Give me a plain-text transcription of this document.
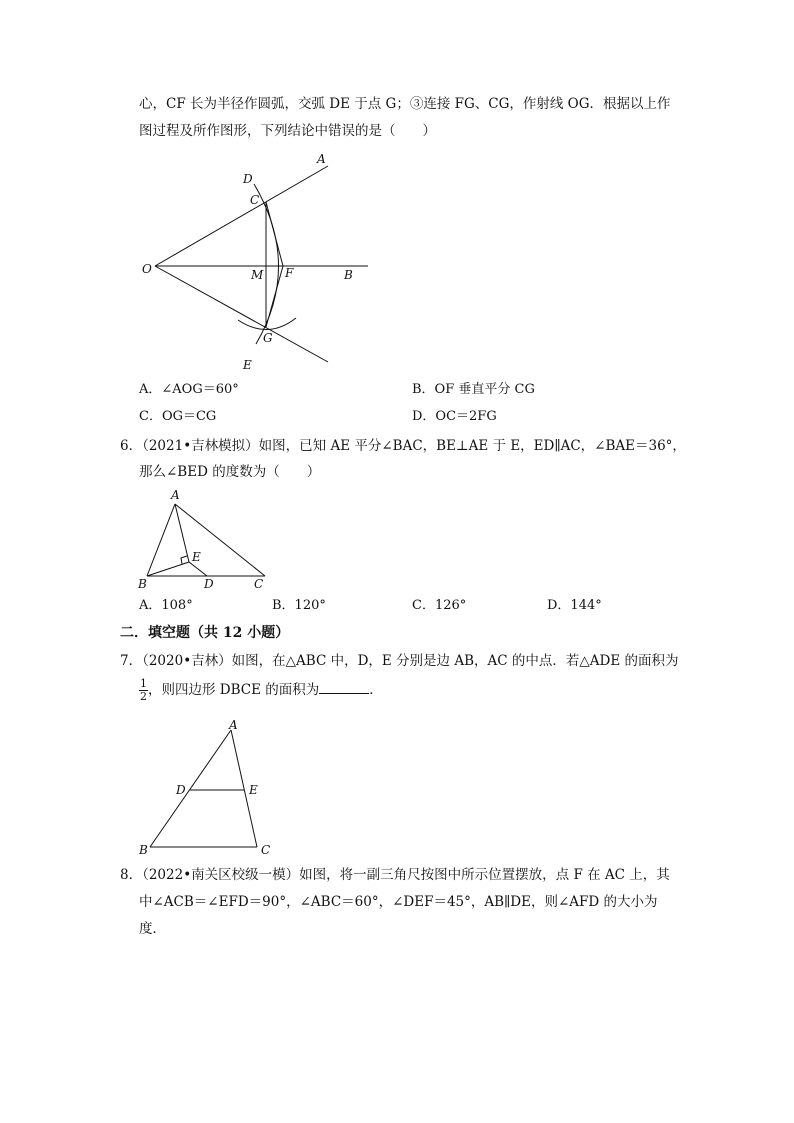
心，CF 长为半径作圆弧，交弧 DE 于点 G；③连接 FG、CG，作射线 OG．根据以上作
图过程及所作图形，下列结论中错误的是（　　）
A
D
C
O	M F	B
G
E
A．∠AOG＝60°	B．OF 垂直平分 CG
C．OG＝CG	D．OC＝2FG
6．（2021•吉林模拟）如图，已知 AE 平分∠BAC，BE⊥AE 于 E，ED∥AC，∠BAE＝36°，
那么∠BED 的度数为（　　）
A
E
B	D	C
A．108°	B．120°	C．126°	D．144°
二．填空题（共 12 小题）
7．（2020•吉林）如图，在△ABC 中，D，E 分别是边 AB，AC 的中点．若△ADE 的面积为
$\frac{1}{2}$ ，则四边形 DBCE 的面积为	．
A
D	E
B	C
8．（2022•南关区校级一模）如图，将一副三角尺按图中所示位置摆放，点 F 在 AC 上，其
中∠ACB＝∠EFD＝90°，∠ABC＝60°，∠DEF＝45°，AB∥DE，则∠AFD 的大小为
度．
